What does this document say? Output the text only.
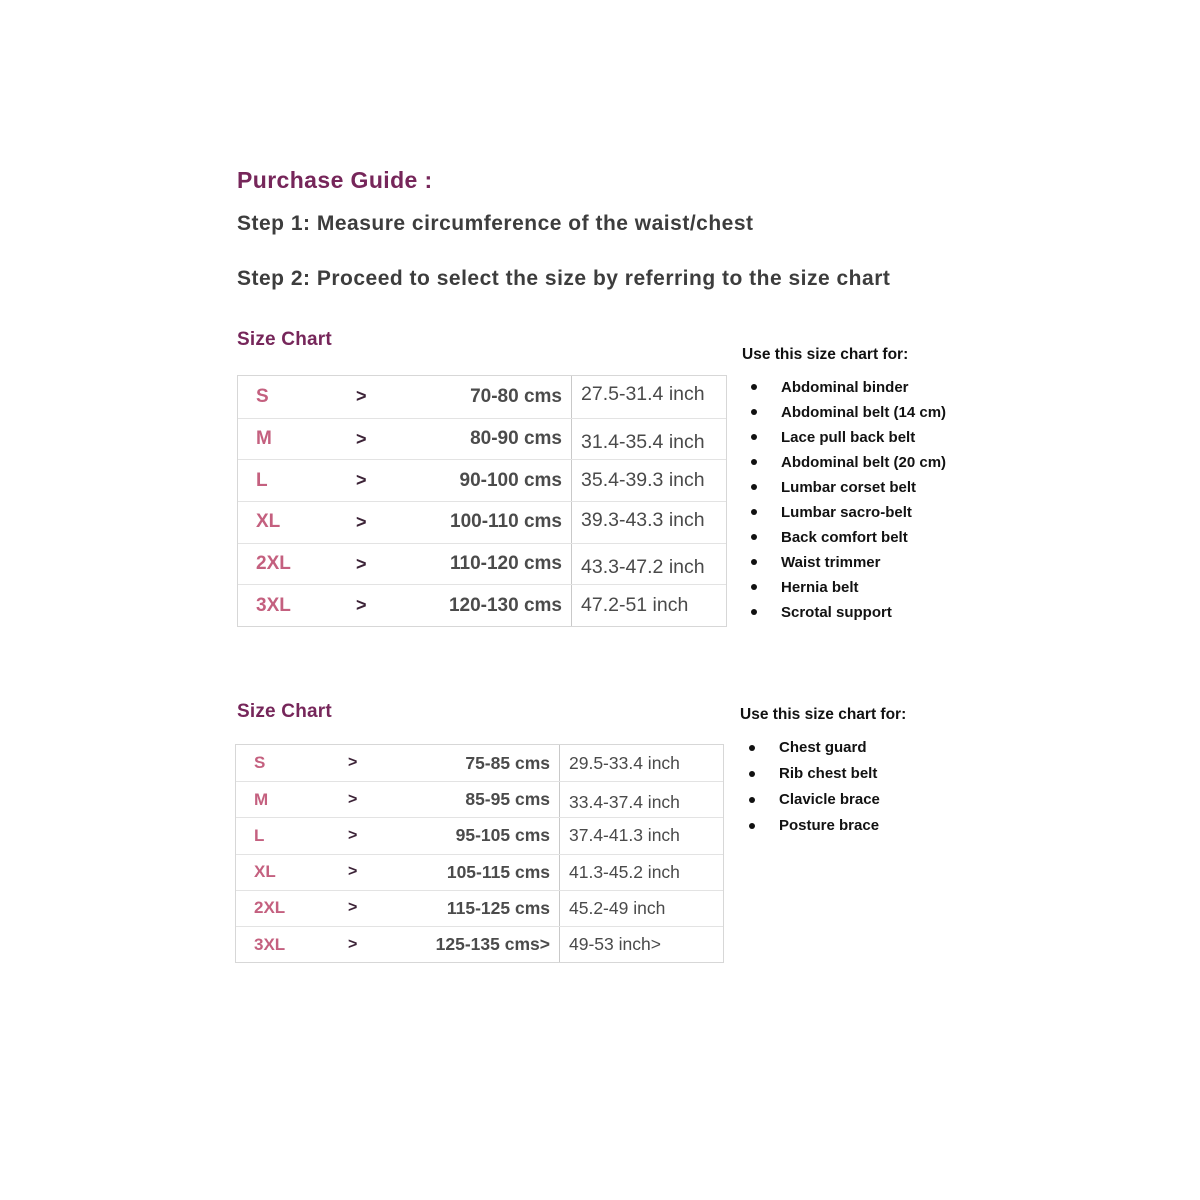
Purchase Guide :

Step 1: Measure circumference of the waist/chest

Step 2: Proceed to select the size by referring to the size chart

Size Chart
S	>	70-80 cms 27.5-31.4 inch
M	>	80-90 cms 31.4-35.4 inch
L	>	90-100 cms 35.4-39.3 inch
XL	>	100-110 cms 39.3-43.3 inch
2XL	>	110-120 cms 43.3-47.2 inch
3XL	>	120-130 cms 47.2-51 inch
Use this size chart for:
Abdominal binder
Abdominal belt (14 cm)
Lace pull back belt
Abdominal belt (20 cm)
Lumbar corset belt
Lumbar sacro-belt
Back comfort belt
Waist trimmer
Hernia belt
Scrotal support
Size Chart
S	>	75-85 cms	29.5-33.4 inch
M	>	85-95 cms	33.4-37.4 inch
L	>	95-105 cms	37.4-41.3 inch
XL	>	105-115 cms	41.3-45.2 inch
2XL	>	115-125 cms	45.2-49 inch
3XL	>	125-135 cms>	49-53 inch>
Use this size chart for:
Chest guard
Rib chest belt
Clavicle brace
Posture brace
